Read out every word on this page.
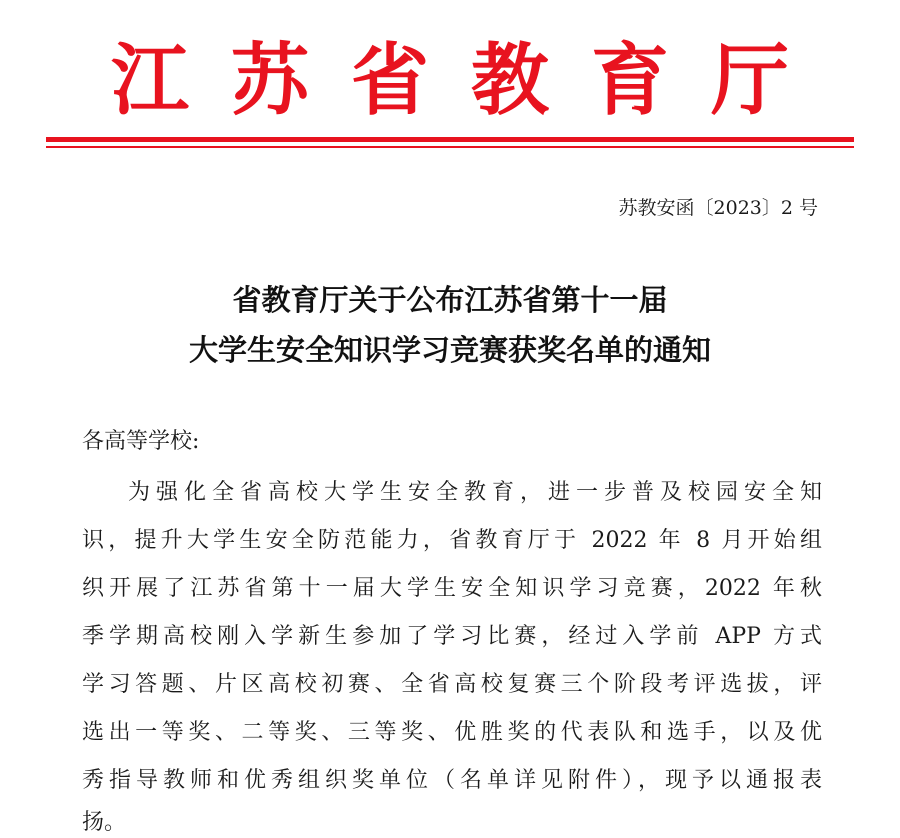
江苏省教育厅
苏教安函〔2023〕2 号
省教育厅关于公布江苏省第十一届
大学生安全知识学习竞赛获奖名单的通知
各高等学校:
为强化全省高校大学生安全教育，进一步普及校园安全知
识，提升大学生安全防范能力，省教育厅于 2022 年 8 月开始组
织开展了江苏省第十一届大学生安全知识学习竞赛，2022 年秋
季学期高校刚入学新生参加了学习比赛，经过入学前 APP 方式
学习答题、片区高校初赛、全省高校复赛三个阶段考评选拔，评
选出一等奖、二等奖、三等奖、优胜奖的代表队和选手，以及优
秀指导教师和优秀组织奖单位（名单详见附件），现予以通报表
扬。
